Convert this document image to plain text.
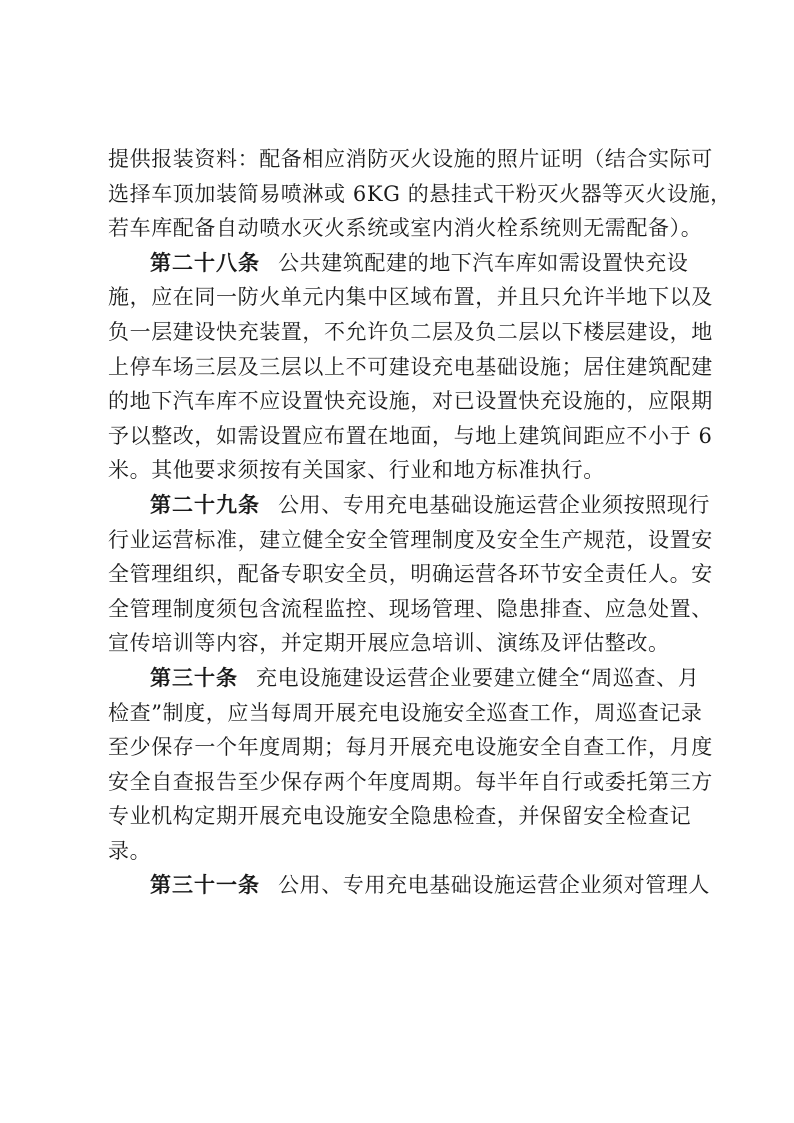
提供报装资料：配备相应消防灭火设施的照片证明（结合实际可
选择车顶加装简易喷淋或 6KG 的悬挂式干粉灭火器等灭火设施，
若车库配备自动喷水灭火系统或室内消火栓系统则无需配备）。
第二十八条 公共建筑配建的地下汽车库如需设置快充设
施，应在同一防火单元内集中区域布置，并且只允许半地下以及
负一层建设快充装置，不允许负二层及负二层以下楼层建设，地
上停车场三层及三层以上不可建设充电基础设施；居住建筑配建
的地下汽车库不应设置快充设施，对已设置快充设施的，应限期
予以整改，如需设置应布置在地面，与地上建筑间距应不小于 6
米。其他要求须按有关国家、行业和地方标准执行。
第二十九条 公用、专用充电基础设施运营企业须按照现行
行业运营标准，建立健全安全管理制度及安全生产规范，设置安
全管理组织，配备专职安全员，明确运营各环节安全责任人。安
全管理制度须包含流程监控、现场管理、隐患排查、应急处置、
宣传培训等内容，并定期开展应急培训、演练及评估整改。
第三十条 充电设施建设运营企业要建立健全“周巡查、月
检查”制度，应当每周开展充电设施安全巡查工作，周巡查记录
至少保存一个年度周期；每月开展充电设施安全自查工作，月度
安全自查报告至少保存两个年度周期。每半年自行或委托第三方
专业机构定期开展充电设施安全隐患检查，并保留安全检查记
录。
第三十一条 公用、专用充电基础设施运营企业须对管理人
